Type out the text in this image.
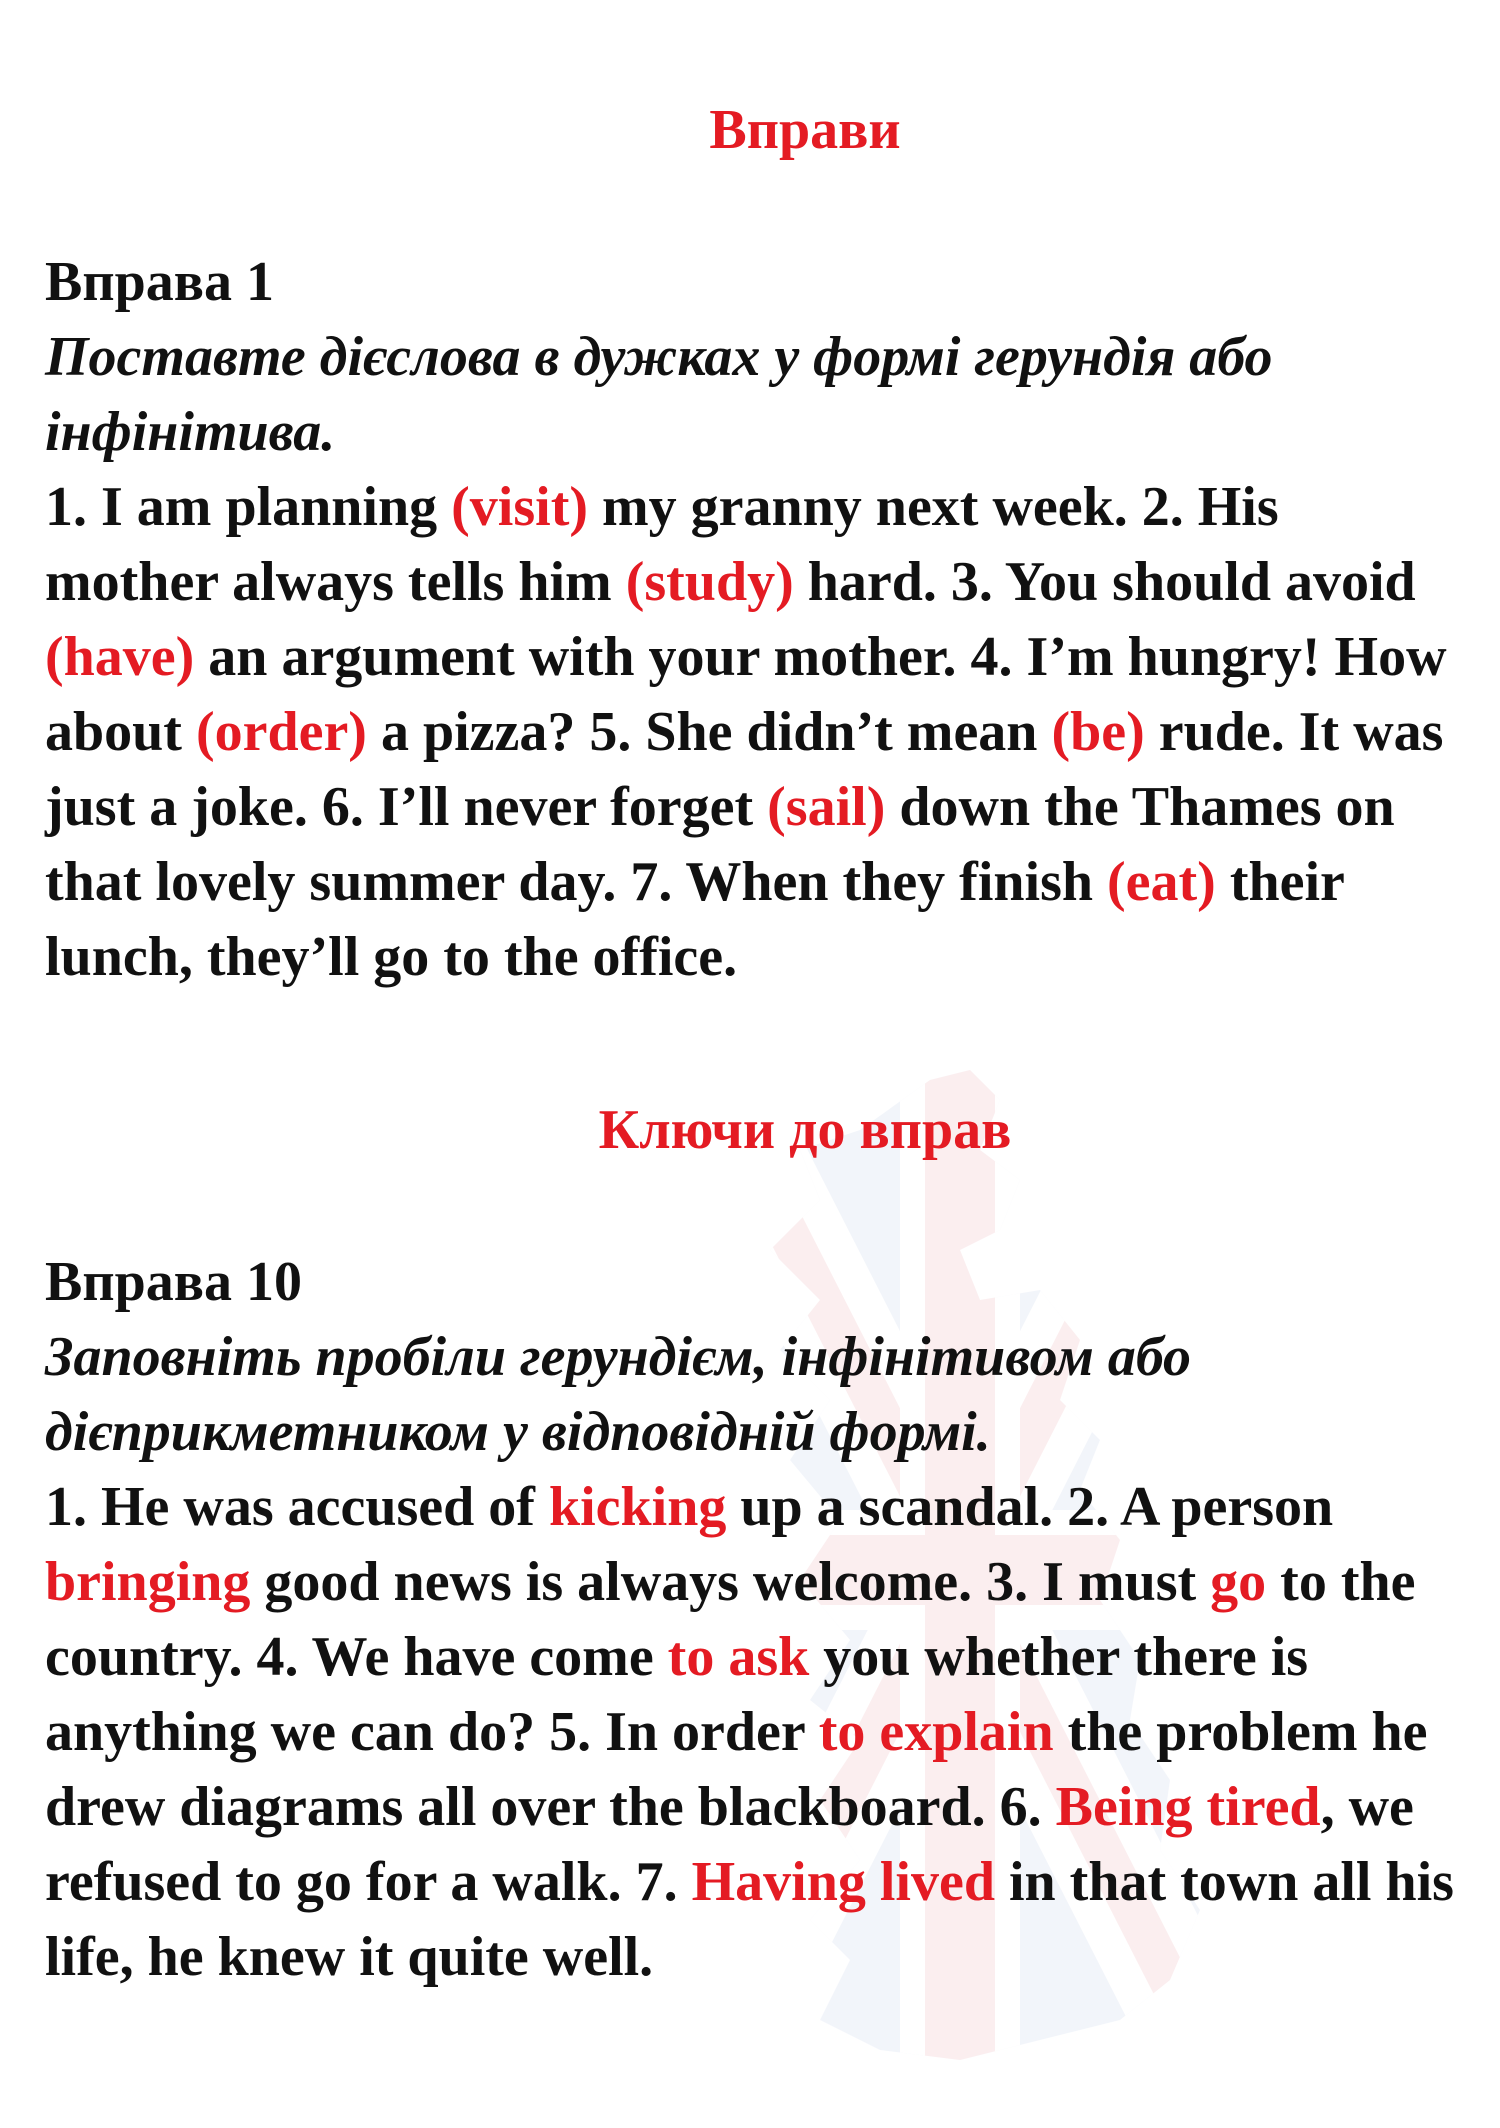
Вправи

Вправа 1

Поставте дієслова в дужках у формі герундія або інфінітива.

1. I am planning (visit) my granny next week. 2. His mother always tells him (study) hard. 3. You should avoid (have) an argument with your mother. 4. I’m hungry! How about (order) a pizza? 5. She didn’t mean (be) rude. It was just a joke. 6. I’ll never forget (sail) down the Thames on that lovely summer day. 7. When they finish (eat) their lunch, they’ll go to the office.

Ключи до вправ

Вправа 10

Заповніть пробіли герундієм, інфінітивом або дієприкметником у відповідній формі.

1. He was accused of kicking up a scandal. 2. A person bringing good news is always welcome. 3. I must go to the country. 4. We have come to ask you whether there is anything we can do? 5. In order to explain the problem he drew diagrams all over the blackboard. 6. Being tired, we refused to go for a walk. 7. Having lived in that town all his life, he knew it quite well.
